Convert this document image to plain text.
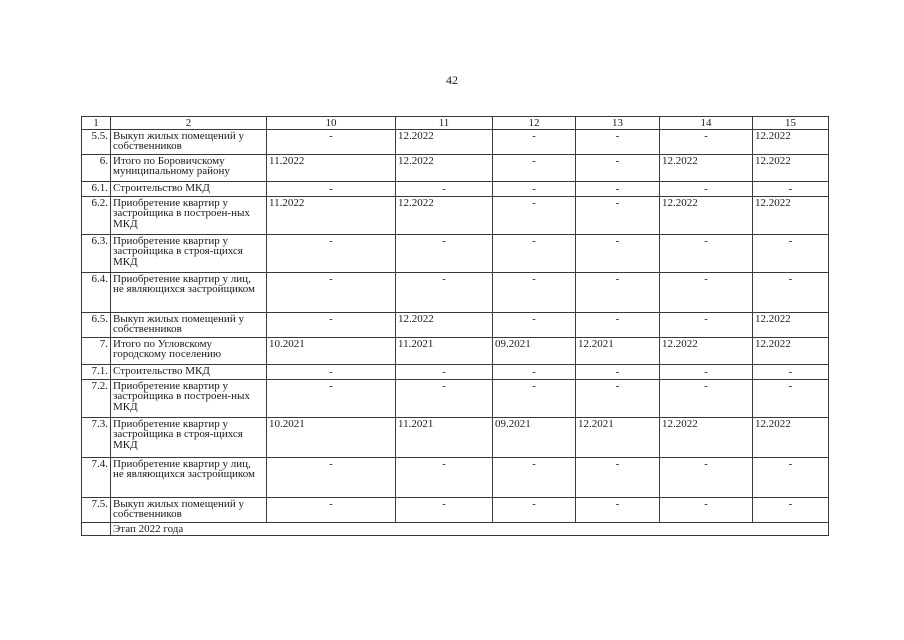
42
1	2	10	11	12	13	14	15
5.5.	Выкуп жилых помещений у собственников	-	12.2022	-	-	-	12.2022
6.	Итого по Боровичскому муниципальному району	11.2022	12.2022	-	-	12.2022	12.2022
6.1.	Строительство МКД	-	-	-	-	-	-
6.2.	Приобретение квартир у застройщика в построен-ных МКД	11.2022	12.2022	-	-	12.2022	12.2022
6.3.	Приобретение квартир у застройщика в строя-щихся МКД	-	-	-	-	-	-
6.4.	Приобретение квартир у лиц, не являющихся застройщиком	-	-	-	-	-	-
6.5.	Выкуп жилых помещений у собственников	-	12.2022	-	-	-	12.2022
7.	Итого по Угловскому городскому поселению	10.2021	11.2021	09.2021	12.2021	12.2022	12.2022
7.1.	Строительство МКД	-	-	-	-	-	-
7.2.	Приобретение квартир у застройщика в построен-ных МКД	-	-	-	-	-	-
7.3.	Приобретение квартир у застройщика в строя-щихся МКД	10.2021	11.2021	09.2021	12.2021	12.2022	12.2022
7.4.	Приобретение квартир у лиц, не являющихся застройщиком	-	-	-	-	-	-
7.5.	Выкуп жилых помещений у собственников	-	-	-	-	-	-
	Этап 2022 года						
